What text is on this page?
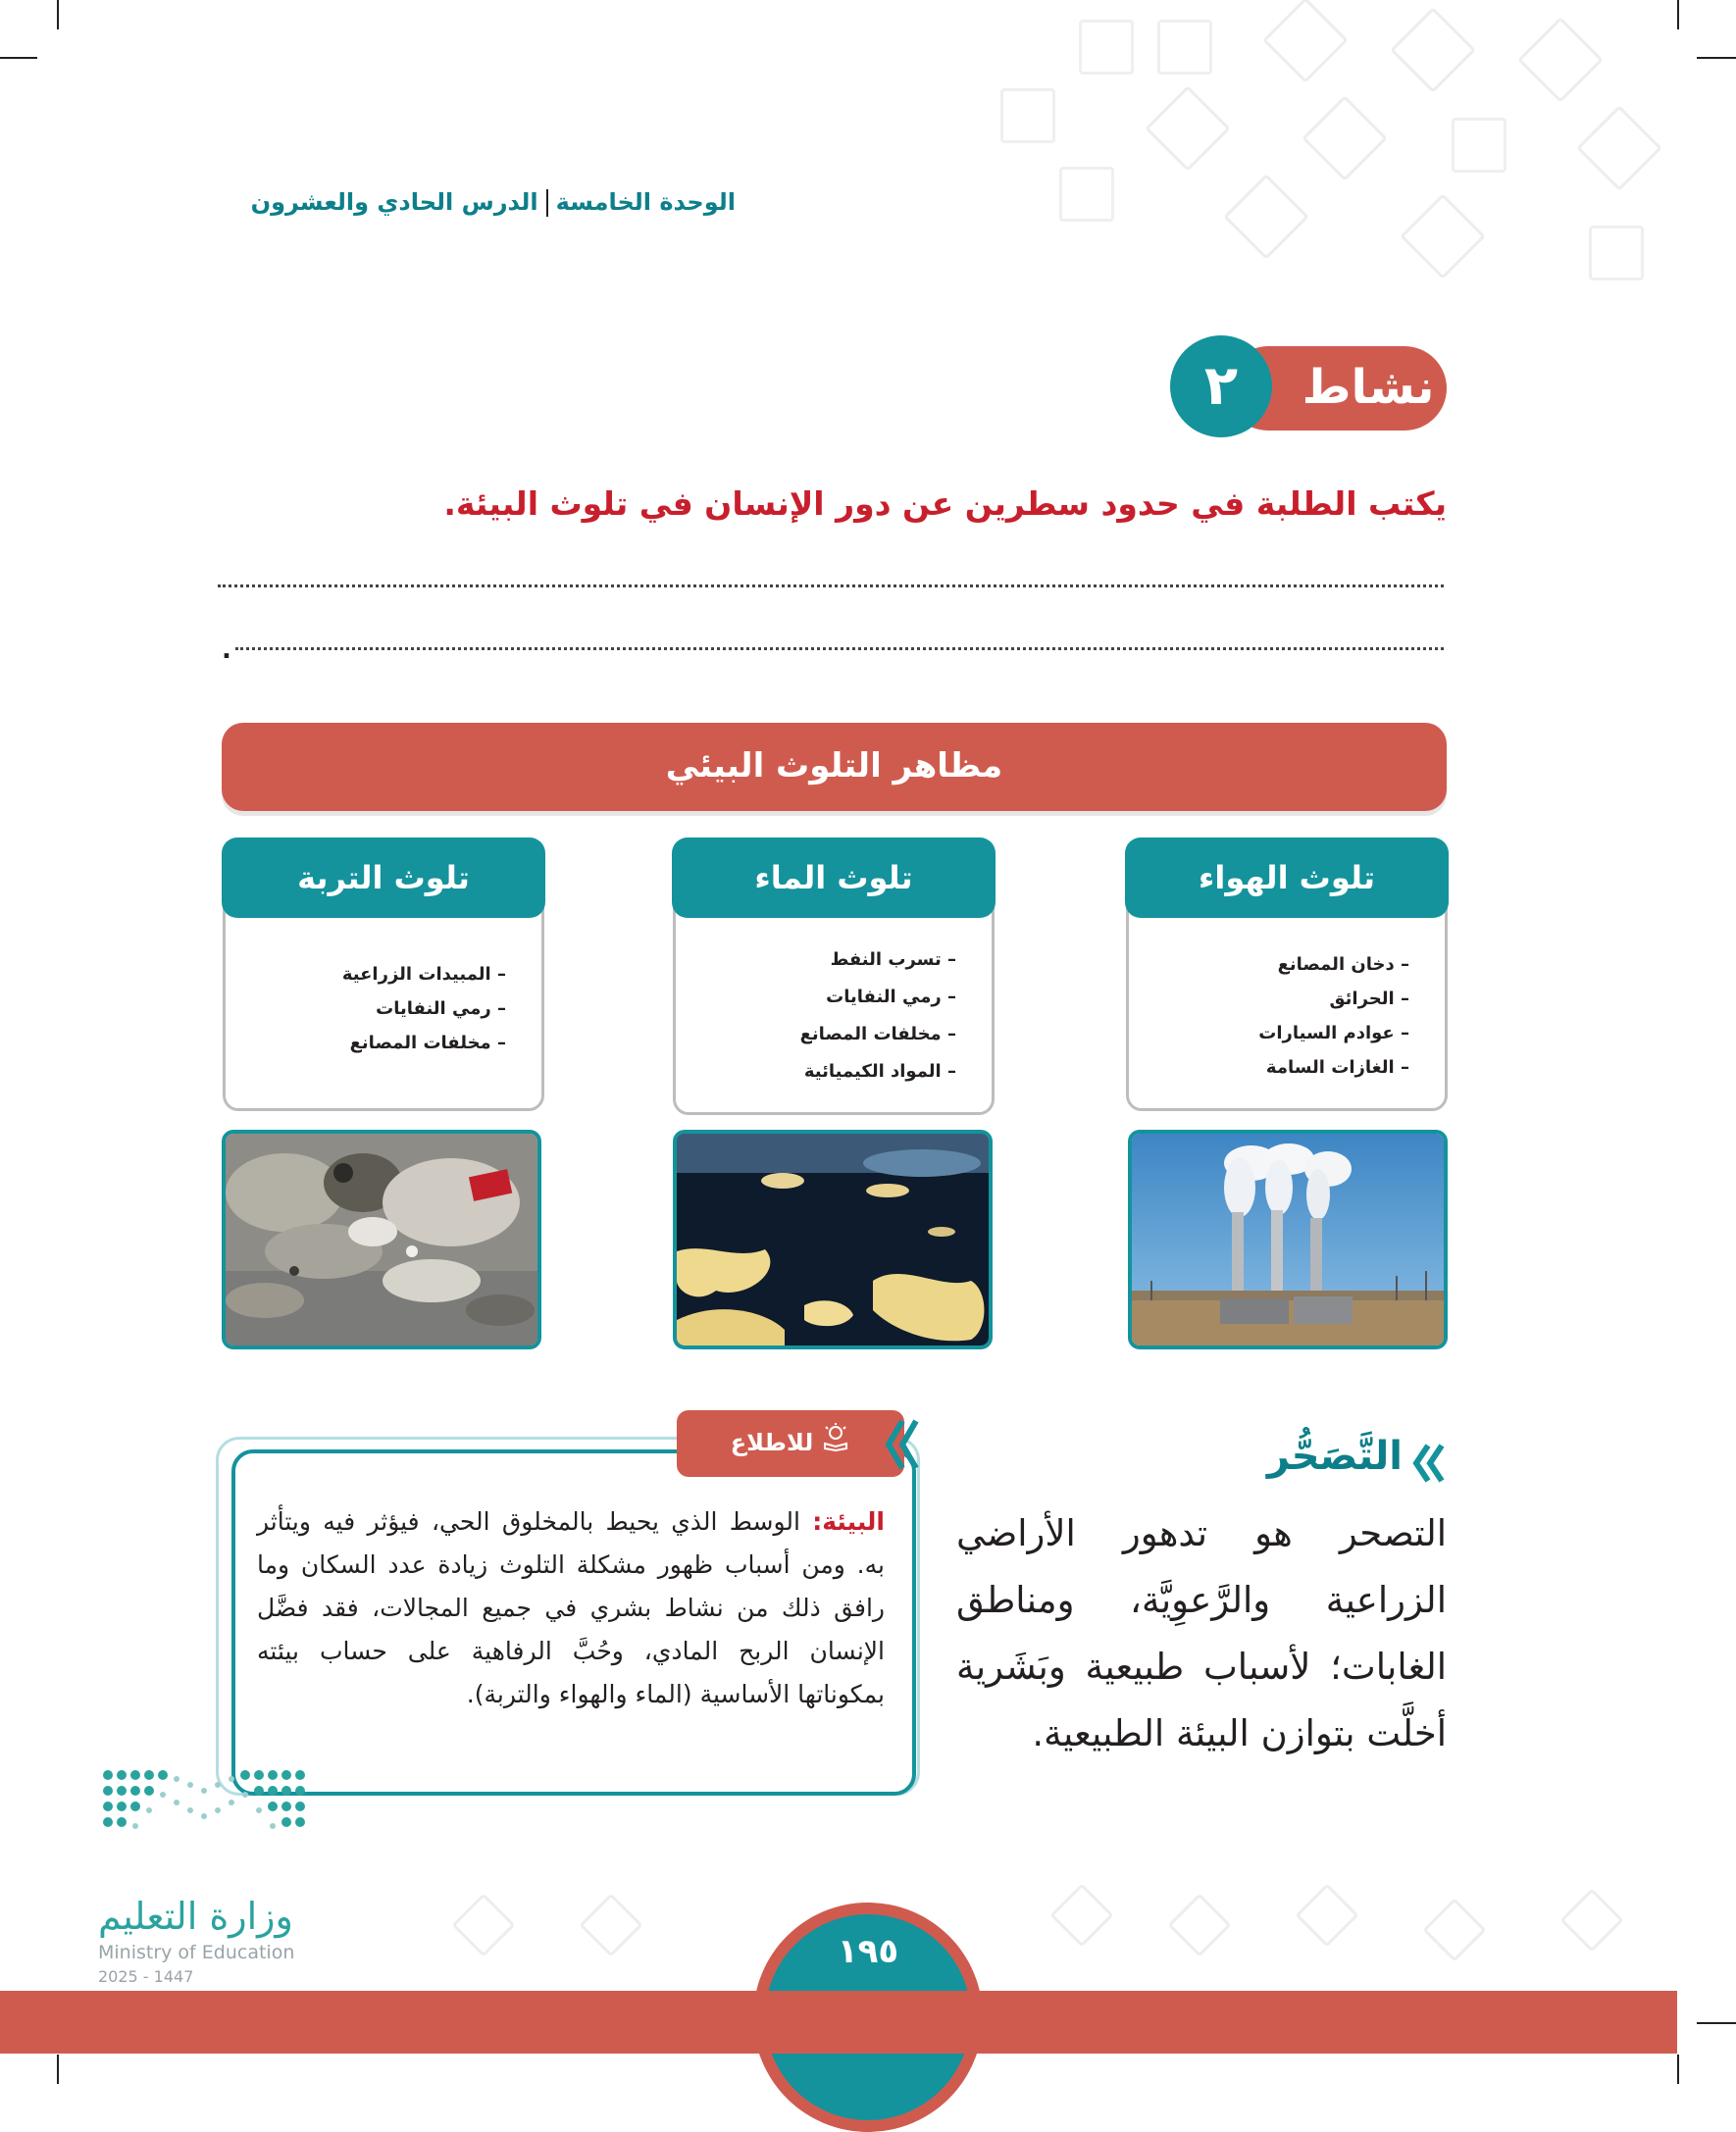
الوحدة الخامسةالدرس الحادي والعشرون
نشاط
٢
يكتب الطلبة في حدود سطرين عن دور الإنسان في تلوث البيئة.
.
مظاهر التلوث البيئي
تلوث الهواء
– دخان المصانع
– الحرائق
– عوادم السيارات
– الغازات السامة
تلوث الماء
– تسرب النفط
– رمي النفايات
– مخلفات المصانع
– المواد الكيميائية
تلوث التربة
– المبيدات الزراعية
– رمي النفايات
– مخلفات المصانع
التَّصَحُّر
التصحر هو تدهور الأراضي الزراعية والرَّعوِيَّة، ومناطق الغابات؛ لأسباب طبيعية وبَشَرية أخلَّت بتوازن البيئة الطبيعية.
البيئة: الوسط الذي يحيط بالمخلوق الحي، فيؤثر فيه ويتأثر به. ومن أسباب ظهور مشكلة التلوث زيادة عدد السكان وما رافق ذلك من نشاط بشري في جميع المجالات، فقد فضَّل الإنسان الربح المادي، وحُبَّ الرفاهية على حساب بيئته بمكوناتها الأساسية (الماء والهواء والتربة).
للاطلاع
١٩٥
وزارة التعليم
Ministry of Education
2025 - 1447
